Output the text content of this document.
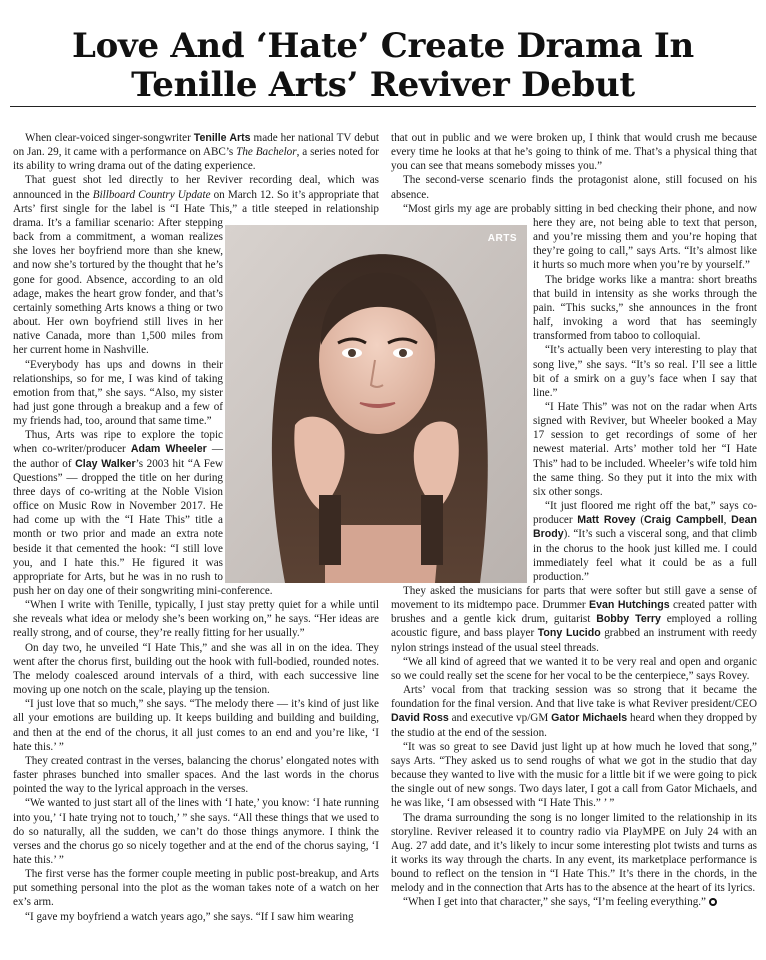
Love And ‘Hate’ Create Drama In
Tenille Arts’ Reviver Debut
ARTS

When clear-voiced singer-songwriter Tenille Arts made her national TV debut on Jan. 29, it came with a performance on ABC’s The Bachelor, a series noted for its ability to wring drama out of the dating experience.

That guest shot led directly to her Reviver recording deal, which was announced in the Billboard Country Update on March 12. So it’s appropriate that Arts’ first single for the label is “I Hate This,” a title steeped in relationship drama. It’s a familiar scenario: After stepping back from a commitment, a woman realizes she loves her boyfriend more than she knew, and now she’s tortured by the thought that he’s gone for good. Absence, according to an old adage, makes the heart grow fonder, and that’s certainly something Arts knows a thing or two about. Her own boyfriend still lives in her native Canada, more than 1,500 miles from her current home in Nashville.

“Everybody has ups and downs in their relationships, so for me, I was kind of taking emotion from that,” she says. “Also, my sister had just gone through a breakup and a few of my friends had, too, around that same time.”

Thus, Arts was ripe to explore the topic when co-writer/producer Adam Wheeler — the author of Clay Walker’s 2003 hit “A Few Questions” — dropped the title on her during three days of co-writing at the Noble Vision office on Music Row in November 2017. He had come up with the “I Hate This” title a month or two prior and made an extra note beside it that cemented the hook: “I still love you, and I hate this.” He figured it was appropriate for Arts, but he was in no rush to push her on day one of their songwriting mini-conference.

“When I write with Tenille, typically, I just stay pretty quiet for a while until she reveals what idea or melody she’s been working on,” he says. “Her ideas are really strong, and of course, they’re really fitting for her usually.”

On day two, he unveiled “I Hate This,” and she was all in on the idea. They went after the chorus first, building out the hook with full-bodied, rounded notes. The melody coalesced around intervals of a third, with each successive line moving up one notch on the scale, playing up the tension.

“I just love that so much,” she says. “The melody there — it’s kind of just like all your emotions are building up. It keeps building and building and building, and then at the end of the chorus, it all just comes to an end and you’re like, ‘I hate this.’ ”

They created contrast in the verses, balancing the chorus’ elongated notes with faster phrases bunched into smaller spaces. And the last words in the chorus pointed the way to the lyrical approach in the verses.

“We wanted to just start all of the lines with ‘I hate,’ you know: ‘I hate running into you,’ ‘I hate trying not to touch,’ ” she says. “All these things that we used to do so naturally, all the sudden, we can’t do those things anymore. I think the verses and the chorus go so nicely together and at the end of the chorus saying, ‘I hate this.’ ”

The first verse has the former couple meeting in public post-breakup, and Arts put something personal into the plot as the woman takes note of a watch on her ex’s arm.

“I gave my boyfriend a watch years ago,” she says. “If I saw him wearing

that out in public and we were broken up, I think that would crush me because every time he looks at that he’s going to think of me. That’s a physical thing that you can see that means somebody misses you.”

The second-verse scenario finds the protagonist alone, still focused on his absence.

“Most girls my age are probably sitting in bed checking their phone, and now here they are, not being able to text that person, and you’re missing them and you’re hoping that they’re going to call,” says Arts. “It’s almost like it hurts so much more when you’re by yourself.”

The bridge works like a mantra: short breaths that build in intensity as she works through the pain. “This sucks,” she announces in the front half, invoking a word that has seemingly transformed from taboo to colloquial.

“It’s actually been very interesting to play that song live,” she says. “It’s so real. I’ll see a little bit of a smirk on a guy’s face when I say that line.”

“I Hate This” was not on the radar when Arts signed with Reviver, but Wheeler booked a May 17 session to get recordings of some of her newest material. Arts’ mother told her “I Hate This” had to be included. Wheeler’s wife told him the same thing. So they put it into the mix with six other songs.

“It just floored me right off the bat,” says co-producer Matt Rovey (Craig Campbell, Dean Brody). “It’s such a visceral song, and that climb in the chorus to the hook just killed me. I could immediately feel what it could be as a full production.”

They asked the musicians for parts that were softer but still gave a sense of movement to its midtempo pace. Drummer Evan Hutchings created patter with brushes and a gentle kick drum, guitarist Bobby Terry employed a rolling acoustic figure, and bass player Tony Lucido grabbed an instrument with reedy nylon strings instead of the usual steel threads.

“We all kind of agreed that we wanted it to be very real and open and organic so we could really set the scene for her vocal to be the centerpiece,” says Rovey.

Arts’ vocal from that tracking session was so strong that it became the foundation for the final version. And that live take is what Reviver president/CEO David Ross and executive vp/GM Gator Michaels heard when they dropped by the studio at the end of the session.

“It was so great to see David just light up at how much he loved that song,” says Arts. “They asked us to send roughs of what we got in the studio that day because they wanted to live with the music for a little bit if we were going to pick the single out of new songs. Two days later, I got a call from Gator Michaels, and he was like, ‘I am obsessed with “I Hate This.” ’ ”

The drama surrounding the song is no longer limited to the relationship in its storyline. Reviver released it to country radio via PlayMPE on July 24 with an Aug. 27 add date, and it’s likely to incur some interesting plot twists and turns as it works its way through the charts. In any event, its marketplace performance is bound to reflect on the tension in “I Hate This.” It’s there in the chords, in the melody and in the connection that Arts has to the absence at the heart of its lyrics.

“When I get into that character,” she says, “I’m feeling everything.”
